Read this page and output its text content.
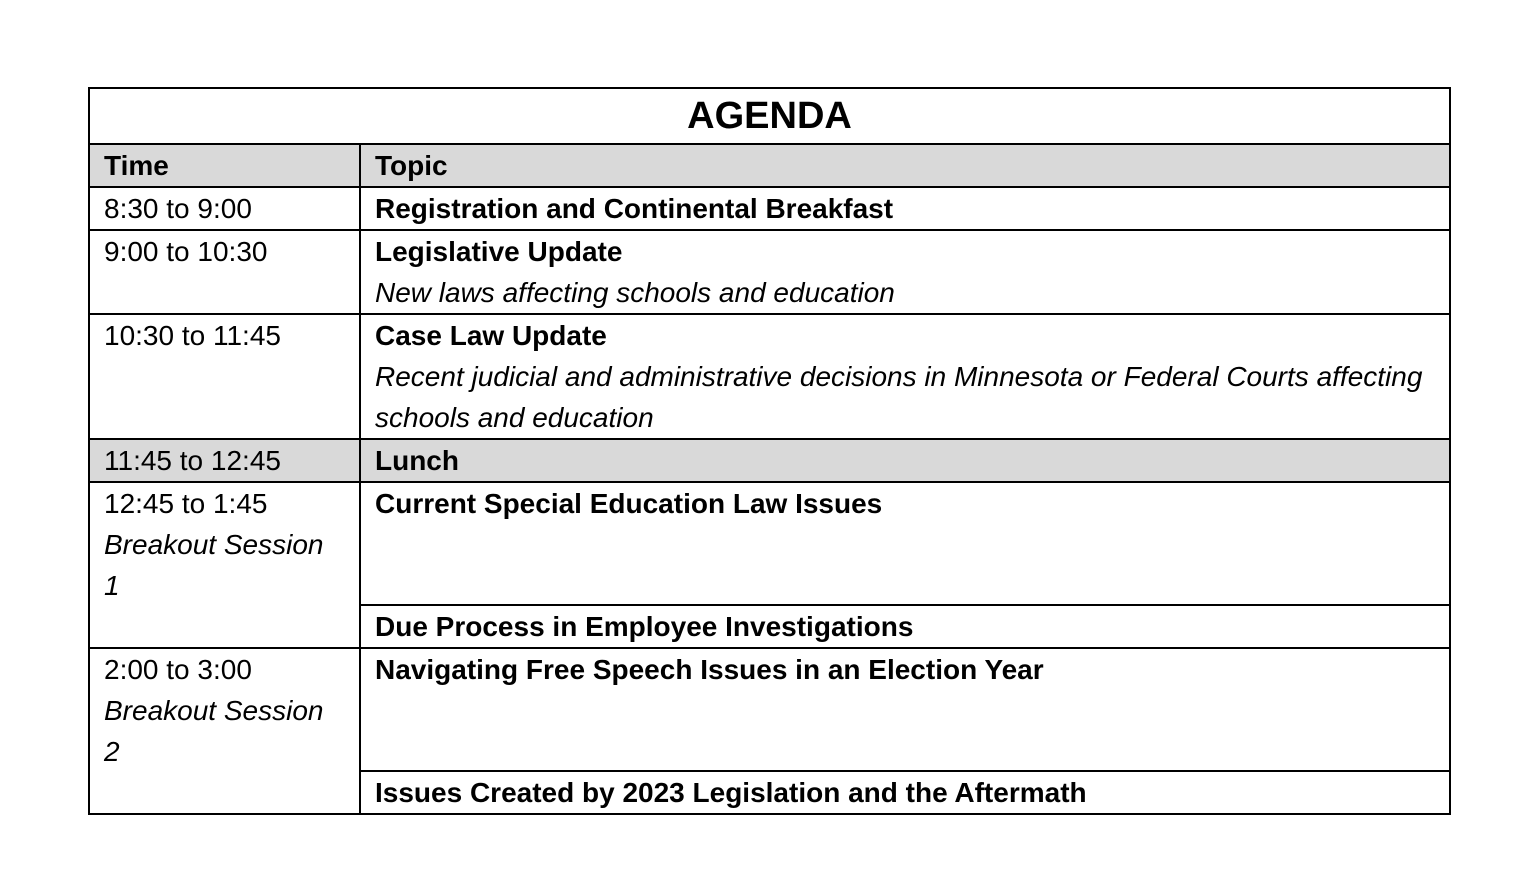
AGENDA	
Time	Topic

8:30 to 9:00	Registration and Continental Breakfast

9:00 to 10:30	Legislative Update
New laws affecting schools and education

10:30 to 11:45	Case Law Update
Recent judicial and administrative decisions in Minnesota or Federal Courts affecting schools and education

11:45 to 12:45	Lunch

12:45 to 1:45
Breakout Session 1	Current Special Education Law Issues

	Due Process in Employee Investigations

2:00 to 3:00
Breakout Session 2	Navigating Free Speech Issues in an Election Year

	Issues Created by 2023 Legislation and the Aftermath
